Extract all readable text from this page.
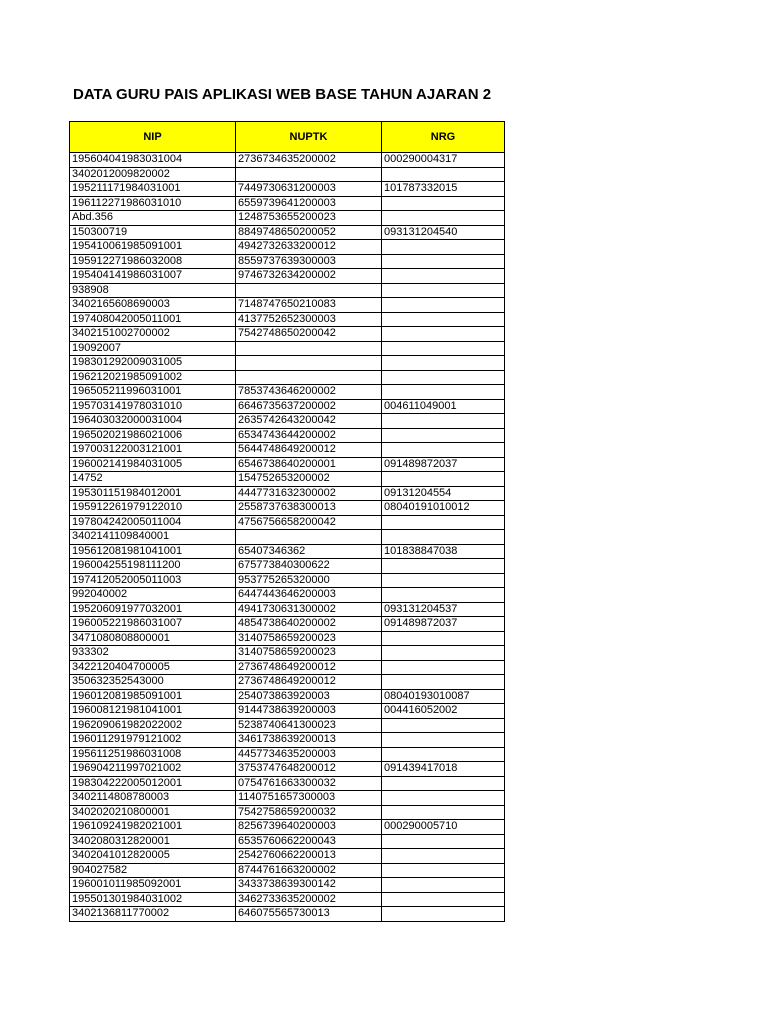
DATA GURU PAIS APLIKASI WEB BASE TAHUN AJARAN 2
NIP	NUPTK	NRG
195604041983031004	2736734635200002	000290004317
3402012009820002		
195211171984031001	7449730631200003	101787332015
196112271986031010	6559739641200003	
Abd.356	1248753655200023	
150300719	8849748650200052	093131204540
195410061985091001	4942732633200012	
195912271986032008	8559737639300003	
195404141986031007	9746732634200002	
938908		
3402165608690003	7148747650210083	
197408042005011001	4137752652300003	
3402151002700002	7542748650200042	
19092007		
198301292009031005		
196212021985091002		
196505211996031001	7853743646200002	
195703141978031010	6646735637200002	004611049001
196403032000031004	2635742643200042	
196502021986021006	6534743644200002	
197003122003121001	5644748649200012	
196002141984031005	6546738640200001	091489872037
14752	154752653200002	
195301151984012001	4447731632300002	09131204554
195912261979122010	2558737638300013	08040191010012
197804242005011004	4756756658200042	
3402141109840001		
195612081981041001	65407346362	101838847038
196004255198111200	675773840300622	
197412052005011003	953775265320000	
992040002	6447443646200003	
195206091977032001	4941730631300002	093131204537
196005221986031007	4854738640200002	091489872037
3471080808800001	3140758659200023	
933302	3140758659200023	
3422120404700005	2736748649200012	
350632352543000	2736748649200012	
196012081985091001	254073863920003	08040193010087
196008121981041001	9144738639200003	004416052002
196209061982022002	5238740641300023	
196011291979121002	3461738639200013	
195611251986031008	4457734635200003	
196904211997021002	3753747648200012	091439417018
198304222005012001	0754761663300032	
3402114808780003	1140751657300003	
3402020210800001	7542758659200032	
196109241982021001	8256739640200003	000290005710
3402080312820001	6535760662200043	
3402041012820005	2542760662200013	
904027582	8744761663200002	
196001011985092001	3433738639300142	
195501301984031002	3462733635200002	
3402136811770002	646075565730013	
